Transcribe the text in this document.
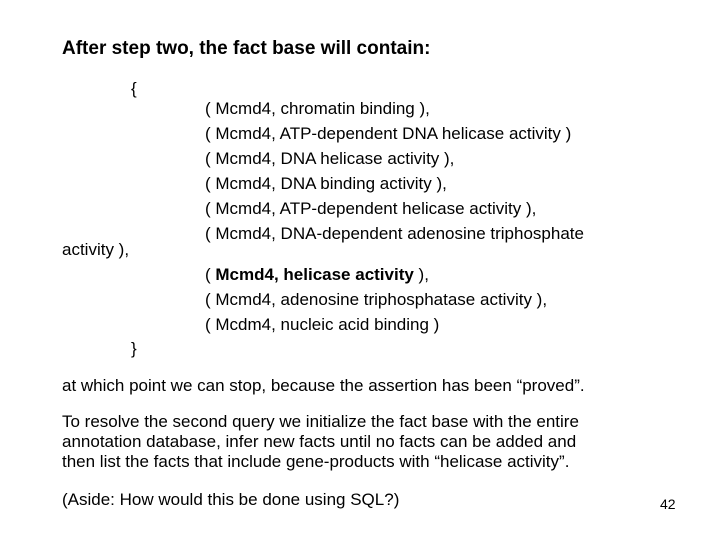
After step two, the fact base will contain:
{
( Mcmd4, chromatin binding ),
( Mcmd4, ATP-dependent DNA helicase activity )
( Mcmd4, DNA helicase activity ),
( Mcmd4, DNA binding activity ),
( Mcmd4, ATP-dependent helicase activity ),
( Mcmd4, DNA-dependent adenosine triphosphate
activity ),
( Mcmd4, helicase activity ),
( Mcmd4, adenosine triphosphatase activity ),
( Mcdm4, nucleic acid binding )
}
at which point we can stop, because the assertion has been “proved”.
To resolve the second query we initialize the fact base with the entire
annotation database, infer new facts until no facts can be added and
then list the facts that include gene-products with “helicase activity”.
(Aside: How would this be done using SQL?)	42
